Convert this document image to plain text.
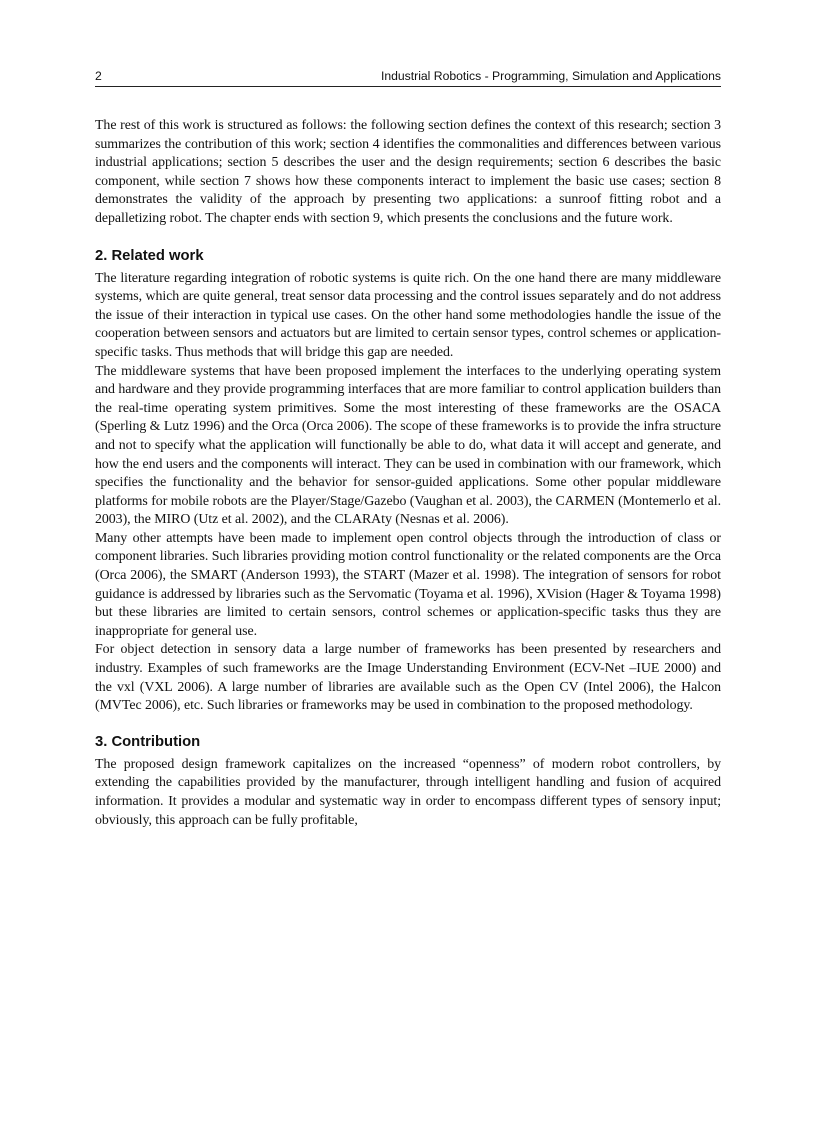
2	Industrial Robotics - Programming, Simulation and Applications

The rest of this work is structured as follows: the following section defines the context of this research; section 3 summarizes the contribution of this work; section 4 identifies the commonalities and differences between various industrial applications; section 5 describes the user and the design requirements; section 6 describes the basic component, while section 7 shows how these components interact to implement the basic use cases; section 8 demonstrates the validity of the approach by presenting two applications: a sunroof fitting robot and a depalletizing robot. The chapter ends with section 9, which presents the conclusions and the future work.

2. Related work

The literature regarding integration of robotic systems is quite rich. On the one hand there are many middleware systems, which are quite general, treat sensor data processing and the control issues separately and do not address the issue of their interaction in typical use cases. On the other hand some methodologies handle the issue of the cooperation between sensors and actuators but are limited to certain sensor types, control schemes or application-specific tasks. Thus methods that will bridge this gap are needed.

The middleware systems that have been proposed implement the interfaces to the underlying operating system and hardware and they provide programming interfaces that are more familiar to control application builders than the real-time operating system primitives. Some the most interesting of these frameworks are the OSACA (Sperling & Lutz 1996) and the Orca (Orca 2006). The scope of these frameworks is to provide the infra structure and not to specify what the application will functionally be able to do, what data it will accept and generate, and how the end users and the components will interact. They can be used in combination with our framework, which specifies the functionality and the behavior for sensor-guided applications. Some other popular middleware platforms for mobile robots are the Player/Stage/Gazebo (Vaughan et al. 2003), the CARMEN (Montemerlo et al. 2003), the MIRO (Utz et al. 2002), and the CLARAty (Nesnas et al. 2006).

Many other attempts have been made to implement open control objects through the introduction of class or component libraries. Such libraries providing motion control functionality or the related components are the Orca (Orca 2006), the SMART (Anderson 1993), the START (Mazer et al. 1998). The integration of sensors for robot guidance is addressed by libraries such as the Servomatic (Toyama et al. 1996), XVision (Hager & Toyama 1998) but these libraries are limited to certain sensors, control schemes or application-specific tasks thus they are inappropriate for general use.

For object detection in sensory data a large number of frameworks has been presented by researchers and industry. Examples of such frameworks are the Image Understanding Environment (ECV-Net –IUE 2000) and the vxl (VXL 2006). A large number of libraries are available such as the Open CV (Intel 2006), the Halcon (MVTec 2006), etc. Such libraries or frameworks may be used in combination to the proposed methodology.

3. Contribution

The proposed design framework capitalizes on the increased “openness” of modern robot controllers, by extending the capabilities provided by the manufacturer, through intelligent handling and fusion of acquired information. It provides a modular and systematic way in order to encompass different types of sensory input; obviously, this approach can be fully profitable,
